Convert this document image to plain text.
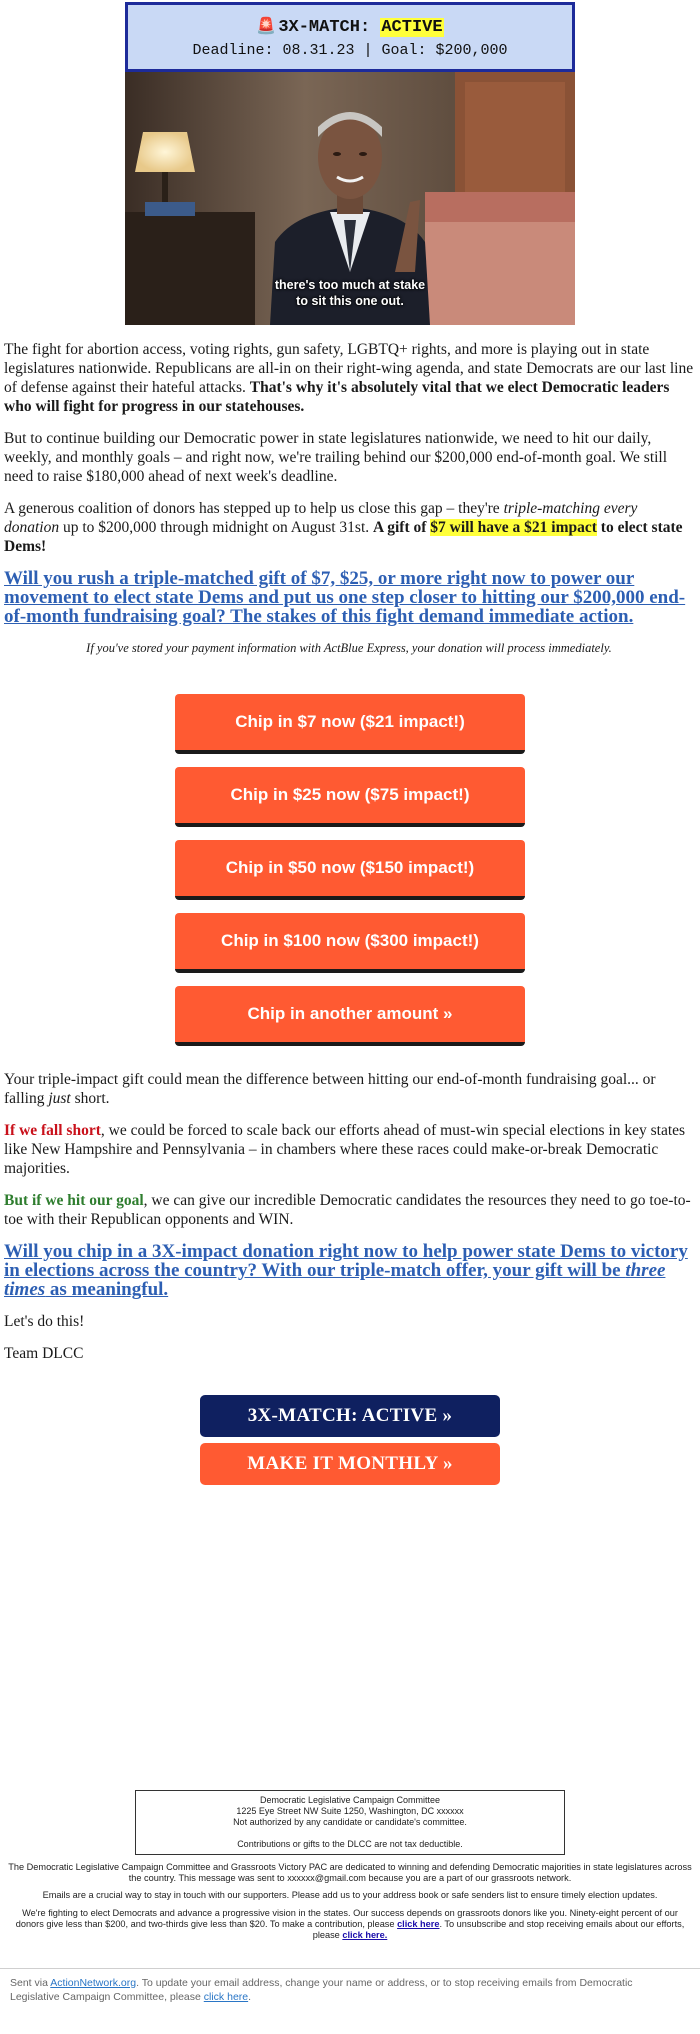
🚨 3X-MATCH: ACTIVE
Deadline: 08.31.23 | Goal: $200,000
there's too much at stake
to sit this one out.

The fight for abortion access, voting rights, gun safety, LGBTQ+ rights, and more is playing out in state legislatures nationwide. Republicans are all-in on their right-wing agenda, and state Democrats are our last line of defense against their hateful attacks. That's why it's absolutely vital that we elect Democratic leaders who will fight for progress in our statehouses.

But to continue building our Democratic power in state legislatures nationwide, we need to hit our daily, weekly, and monthly goals – and right now, we're trailing behind our $200,000 end-of-month goal. We still need to raise $180,000 ahead of next week's deadline.

A generous coalition of donors has stepped up to help us close this gap – they're triple-matching every donation up to $200,000 through midnight on August 31st. A gift of $7 will have a $21 impact to elect state Dems!

Will you rush a triple-matched gift of $7, $25, or more right now to power our movement to elect state Dems and put us one step closer to hitting our $200,000 end-of-month fundraising goal? The stakes of this fight demand immediate action.

If you've stored your payment information with ActBlue Express, your donation will process immediately.

Chip in $7 now ($21 impact!)
Chip in $25 now ($75 impact!)
Chip in $50 now ($150 impact!)
Chip in $100 now ($300 impact!)
Chip in another amount »

Your triple-impact gift could mean the difference between hitting our end-of-month fundraising goal... or falling just short.

If we fall short, we could be forced to scale back our efforts ahead of must-win special elections in key states like New Hampshire and Pennsylvania – in chambers where these races could make-or-break Democratic majorities.

But if we hit our goal, we can give our incredible Democratic candidates the resources they need to go toe-to-toe with their Republican opponents and WIN.

Will you chip in a 3X-impact donation right now to help power state Dems to victory in elections across the country? With our triple-match offer, your gift will be three times as meaningful.

Let's do this!

Team DLCC

3X-MATCH: ACTIVE »
MAKE IT MONTHLY »
Democratic Legislative Campaign Committee
1225 Eye Street NW Suite 1250, Washington, DC xxxxxx
Not authorized by any candidate or candidate's committee.
Contributions or gifts to the DLCC are not tax deductible.
The Democratic Legislative Campaign Committee and Grassroots Victory PAC are dedicated to winning and defending Democratic majorities in state legislatures across the country. This message was sent to xxxxxx@gmail.com because you are a part of our grassroots network.
Emails are a crucial way to stay in touch with our supporters. Please add us to your address book or safe senders list to ensure timely election updates.
We're fighting to elect Democrats and advance a progressive vision in the states. Our success depends on grassroots donors like you. Ninety-eight percent of our donors give less than $200, and two-thirds give less than $20. To make a contribution, please click here. To unsubscribe and stop receiving emails about our efforts, please click here.
Sent via ActionNetwork.org. To update your email address, change your name or address, or to stop receiving emails from Democratic Legislative Campaign Committee, please click here.
